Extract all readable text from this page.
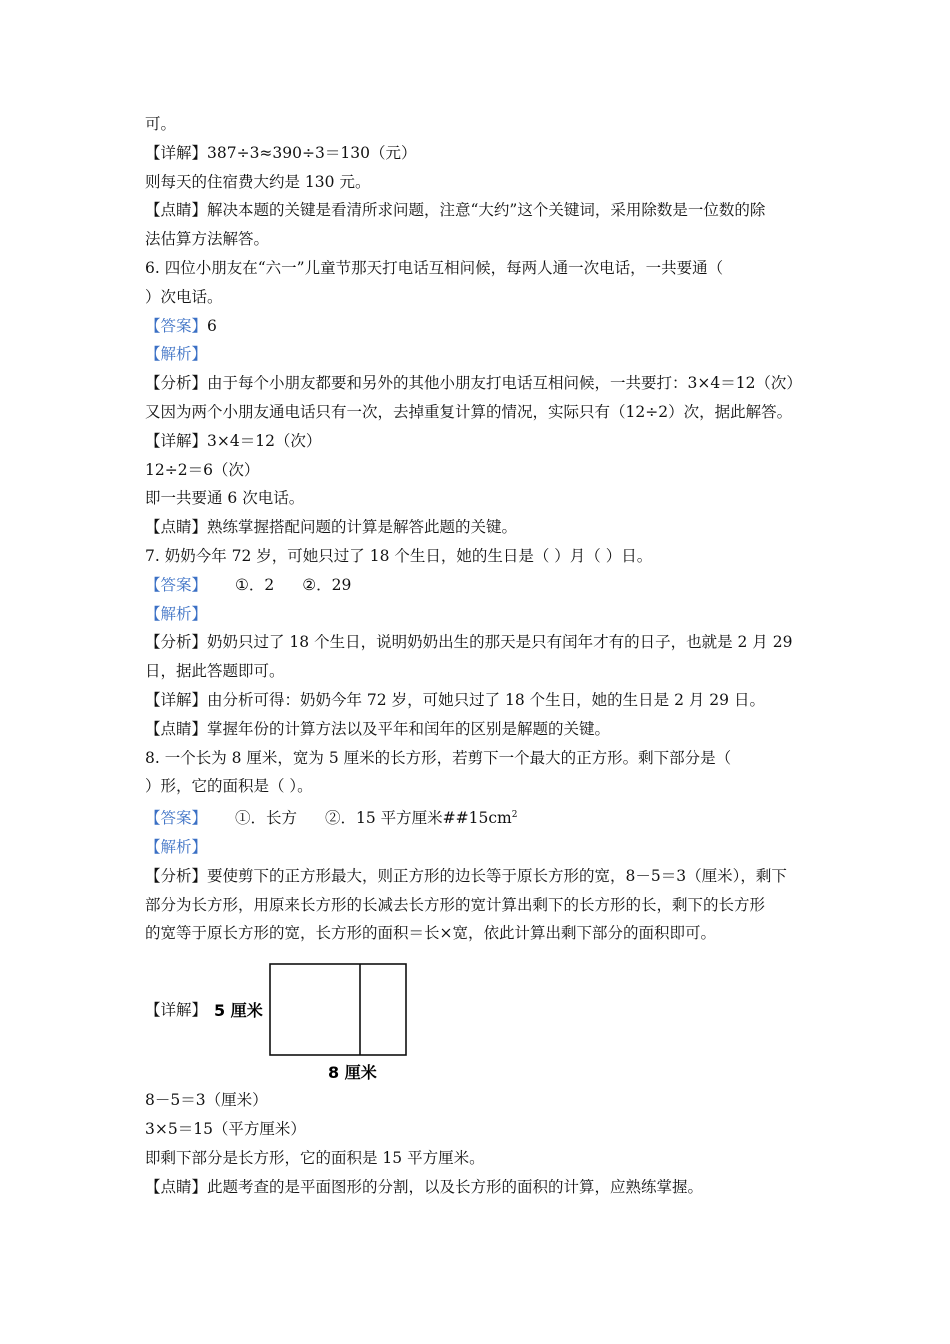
可。
【详解】387÷3≈390÷3＝130（元）
则每天的住宿费大约是 130 元。
【点睛】解决本题的关键是看清所求问题，注意“大约”这个关键词，采用除数是一位数的除
法估算方法解答。
6. 四位小朋友在“六一”儿童节那天打电话互相问候，每两人通一次电话，一共要通（
）次电话。
【答案】6
【解析】
【分析】由于每个小朋友都要和另外的其他小朋友打电话互相问候，一共要打：3×4＝12（次）
又因为两个小朋友通电话只有一次，去掉重复计算的情况，实际只有（12÷2）次，据此解答。
【详解】3×4＝12（次）
12÷2＝6（次）
即一共要通 6 次电话。
【点睛】熟练掌握搭配问题的计算是解答此题的关键。
7. 奶奶今年 72 岁，可她只过了 18 个生日，她的生日是（ ）月（ ）日。
【答案】 ①．2 ②．29
【解析】
【分析】奶奶只过了 18 个生日，说明奶奶出生的那天是只有闰年才有的日子，也就是 2 月 29
日，据此答题即可。
【详解】由分析可得：奶奶今年 72 岁，可她只过了 18 个生日，她的生日是 2 月 29 日。
【点睛】掌握年份的计算方法以及平年和闰年的区别是解题的关键。
8. 一个长为 8 厘米，宽为 5 厘米的长方形，若剪下一个最大的正方形。剩下部分是（
）形，它的面积是（ ）。
【答案】 ①．长方 ②．15 平方厘米$\#\#15cm^2$
【解析】
【分析】要使剪下的正方形最大，则正方形的边长等于原长方形的宽，8－5＝3（厘米），剩下
部分为长方形，用原来长方形的长减去长方形的宽计算出剩下的长方形的长，剩下的长方形
的宽等于原长方形的宽，长方形的面积＝长×宽，依此计算出剩下部分的面积即可。
【详解】 5 厘米
8 厘米
8－5＝3（厘米）
3×5＝15（平方厘米）
即剩下部分是长方形，它的面积是 15 平方厘米。
【点睛】此题考查的是平面图形的分割，以及长方形的面积的计算，应熟练掌握。
